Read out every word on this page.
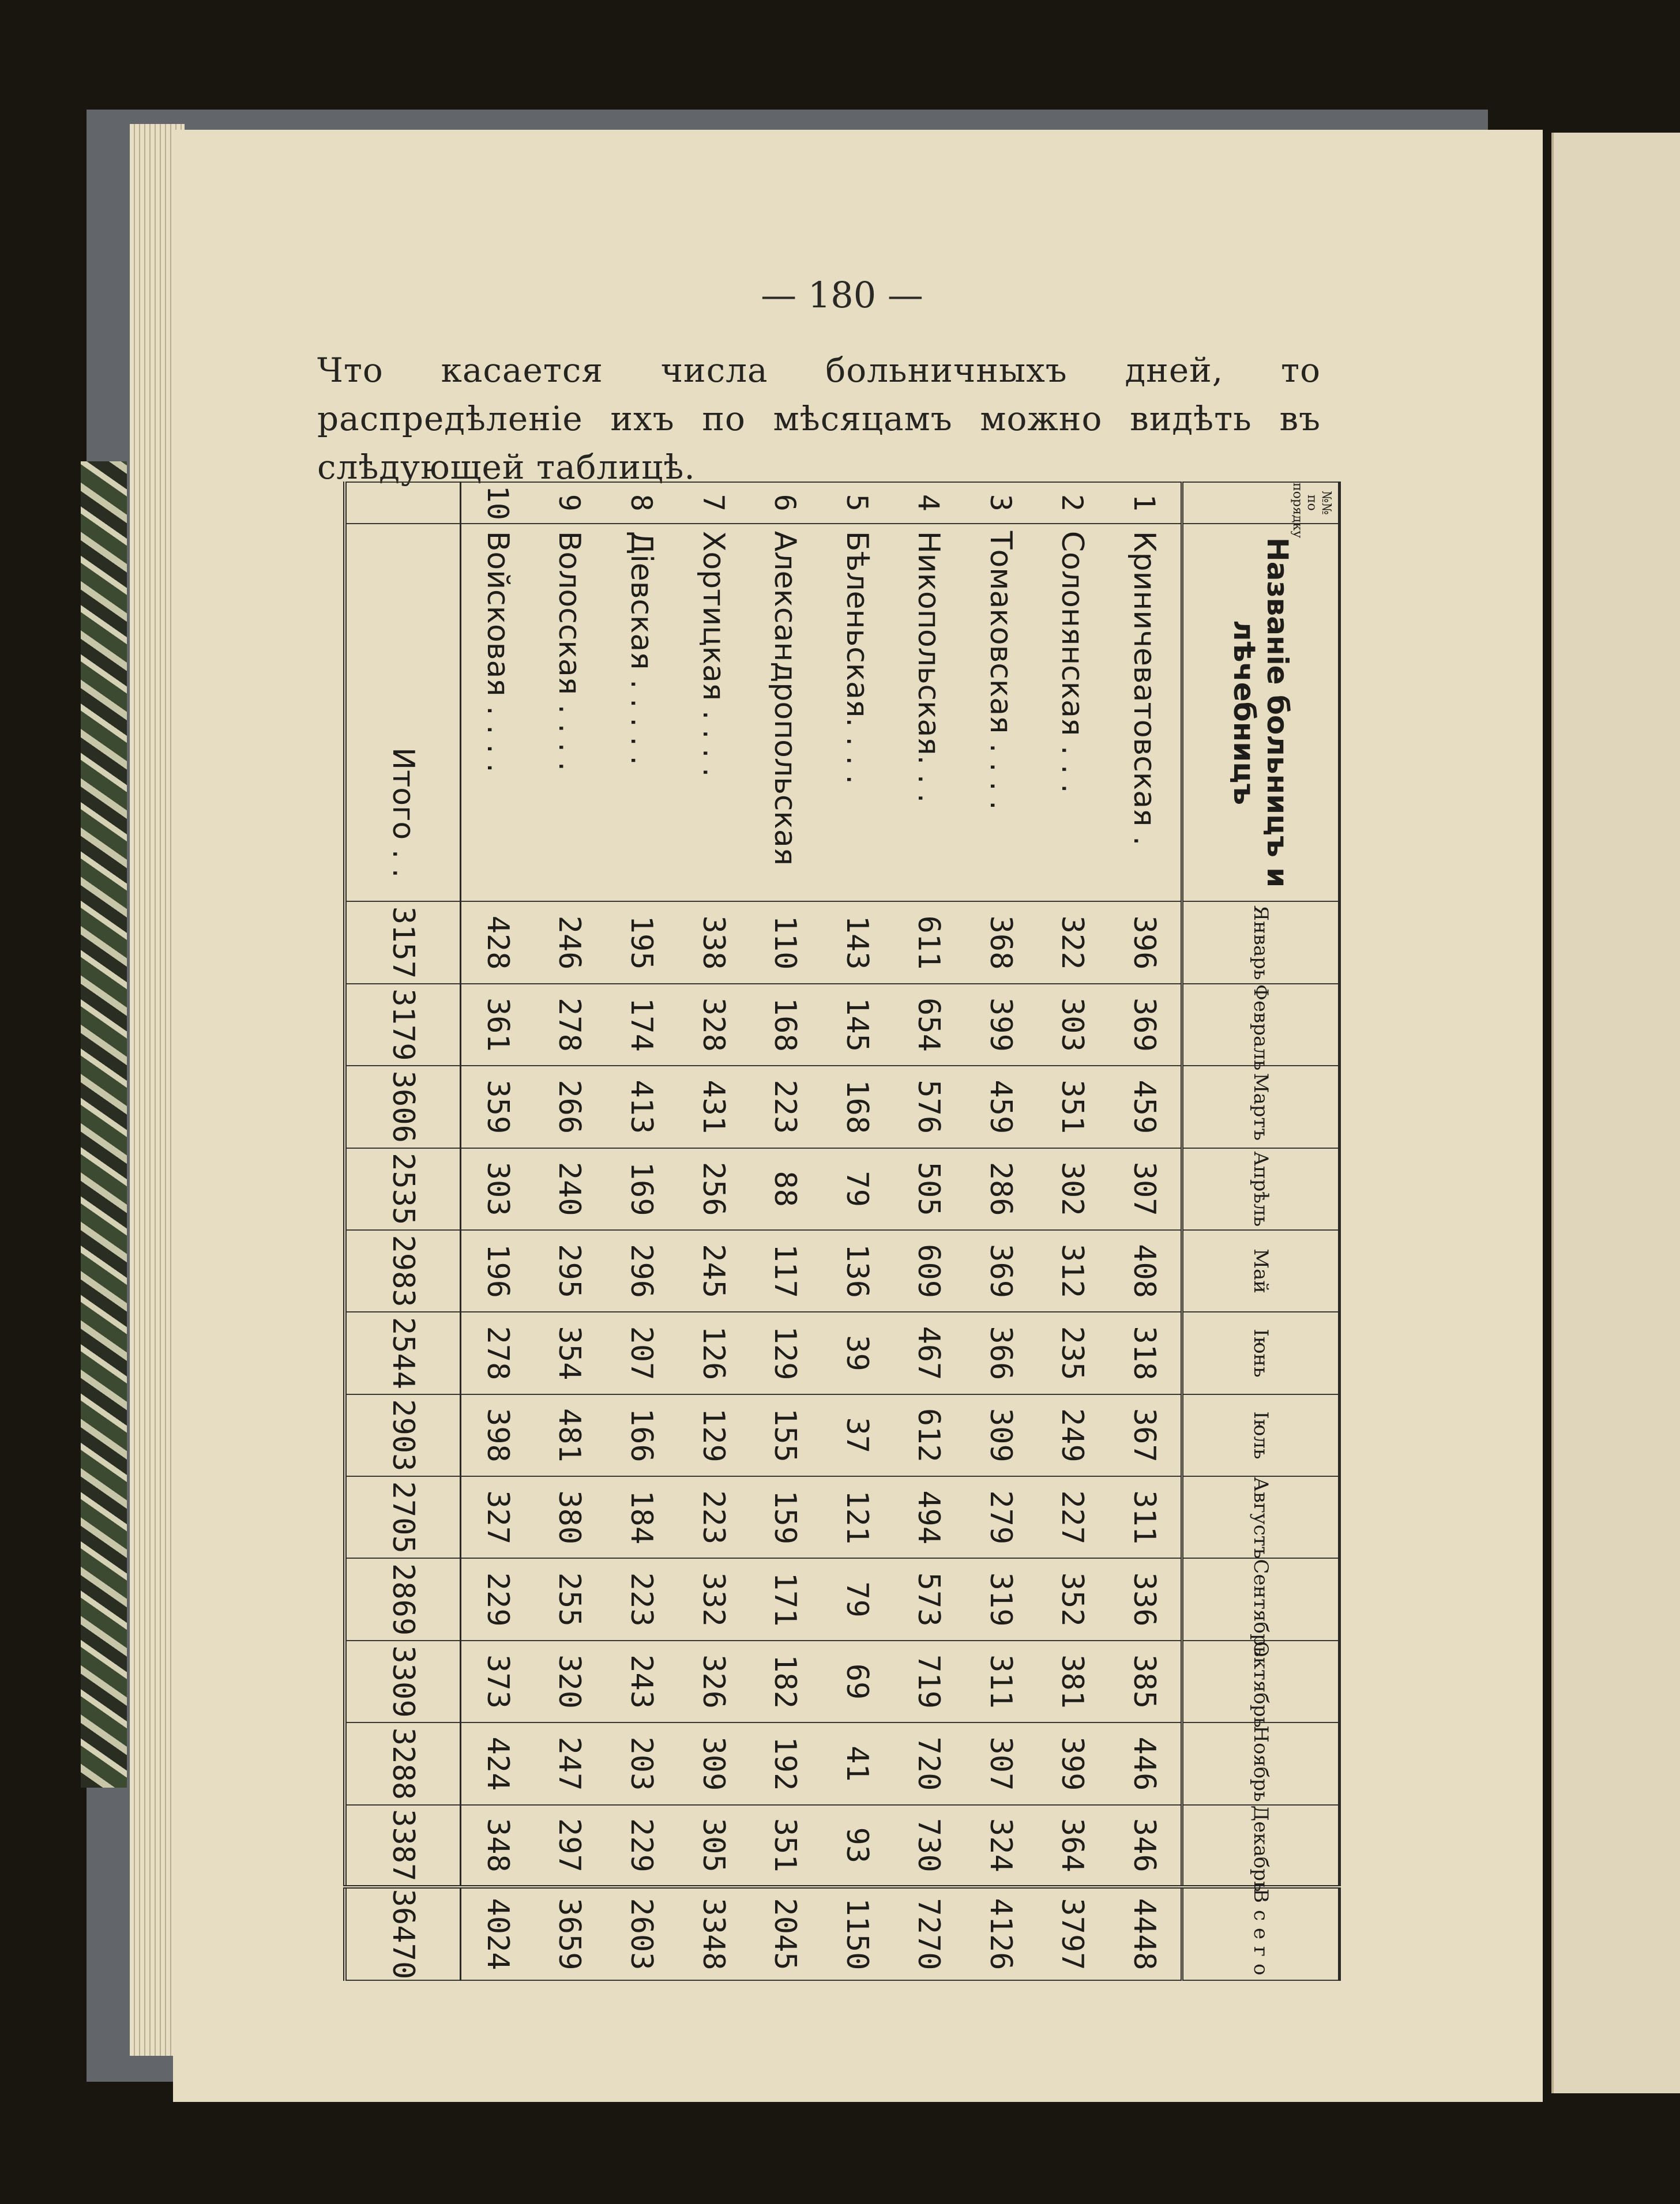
— 180 —
Что касается числа больничныхъ дней, то распредѣленіе ихъ по мѣсяцамъ можно видѣть въ слѣдующей таблицѣ.
№№ по порядку	Названіе больницъ и лѣчебницъ	Январь	Февраль	Мартъ	Апрѣль	Май	Іюнь	Іюль	Августъ	Сентябрь	Октябрь	Ноябрь	Декабрь	Всего
1	Криничеватовская .	396	369	459	307	408	318	367	311	336	385	446	346	4448
2	Солонянская . . .	322	303	351	302	312	235	249	227	352	381	399	364	3797
3	Томаковская . . . .	368	399	459	286	369	366	309	279	319	311	307	324	4126
4	Никопольская. . .	611	654	576	505	609	467	612	494	573	719	720	730	7270
5	Бѣленьская. . . .	143	145	168	79	136	39	37	121	79	69	41	93	1150
6	Александропольская	110	168	223	88	117	129	155	159	171	182	192	351	2045
7	Хортицкая . . . .	338	328	431	256	245	126	129	223	332	326	309	305	3348
8	Діевская . . . . .	195	174	413	169	296	207	166	184	223	243	203	229	2603
9	Волосская . . . .	246	278	266	240	295	354	481	380	255	320	247	297	3659
10	Войсковая . . . .	428	361	359	303	196	278	398	327	229	373	424	348	4024
	Итого . .	3157	3179	3606	2535	2983	2544	2903	2705	2869	3309	3288	3387	36470
